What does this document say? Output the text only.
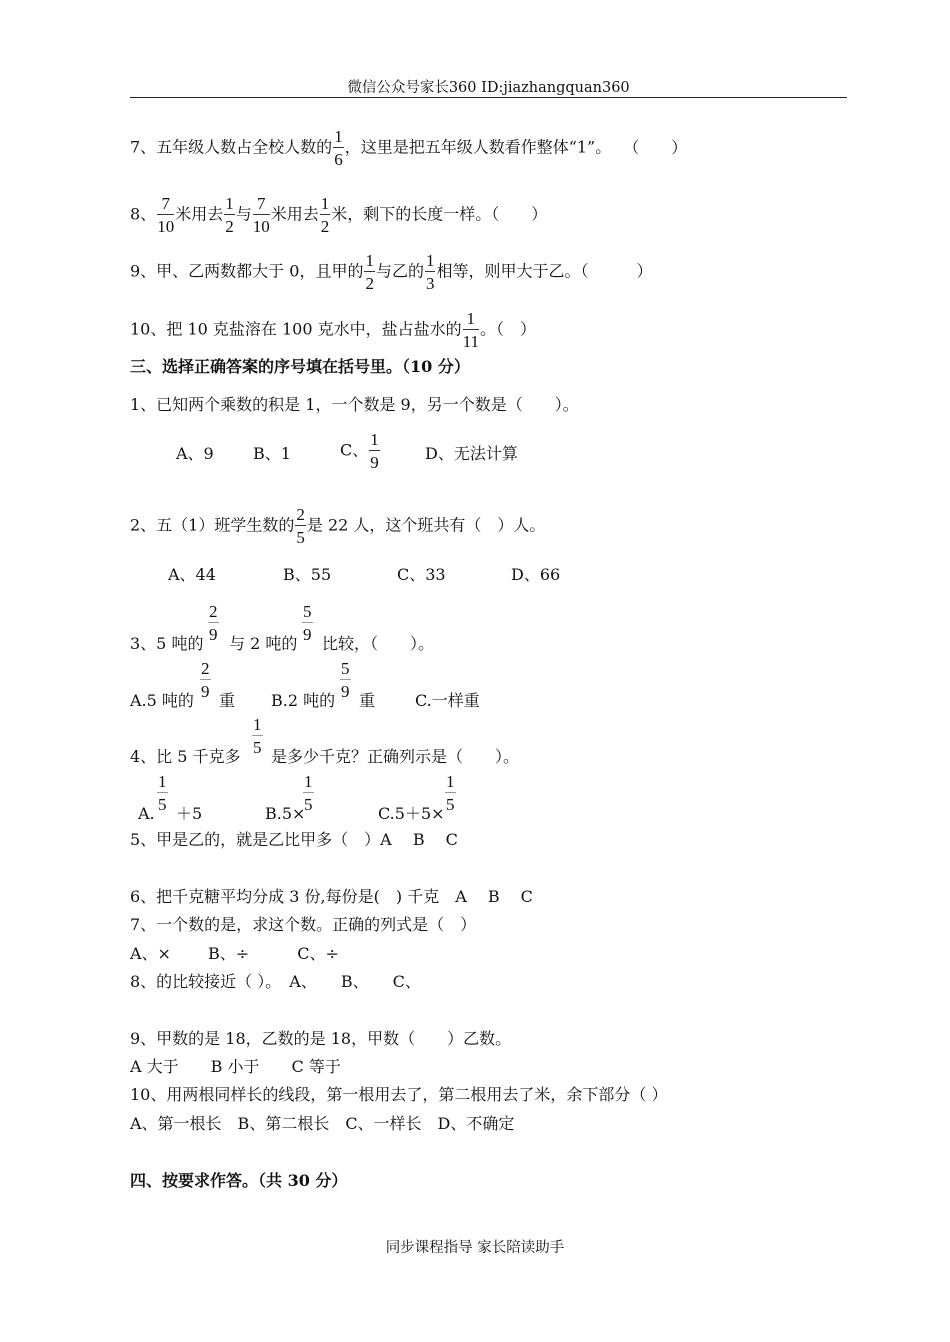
微信公众号家长360 ID:jiazhangquan360
7、五年级人数占全校人数的 $\frac{1}{6}$ ，这里是把五年级人数看作整体“1”。 （　　）
8、 $\frac{7}{10}$ 米用去 $\frac{1}{2}$ 与 $\frac{7}{10}$ 米用去 $\frac{1}{2}$ 米，剩下的长度一样。（　　）
9、甲、乙两数都大于 0，且甲的 $\frac{1}{2}$ 与乙的 $\frac{1}{3}$ 相等，则甲大于乙。（　　　）
10、把 10 克盐溶在 100 克水中，盐占盐水的 $\frac{1}{11}$ 。（　）
三、选择正确答案的序号填在括号里。（10 分）
1、已知两个乘数的积是 1，一个数是 9，另一个数是（　　）。
A、9 B、1	C、 $\frac{1}{9}$	D、无法计算
2、五（1）班学生数的 $\frac{2}{5}$ 是 22 人，这个班共有（　）人。
A、44	B、55	C、33	D、66
2
9
5
9
3、5 吨的 与 2 吨的 比较，（　　）。
2
9
5
9
A.5 吨的 重 B.2 吨的 重 C.一样重
1
5
4、比 5 千克多 是多少千克？正确列示是（　　）。
1
5
1
5
1
5
A. ＋5	B.5×	C.5＋5×
5、甲是乙的，就是乙比甲多（　）A　 B　 C
6、把千克糖平均分成 3 份,每份是(　) 千克　A　 B　 C
7、一个数的是，求这个数。正确的列式是（　）
A、×　　 B、÷　　　C、÷
8、的比较接近（ ）。　A、　　B、　　C、
9、甲数的是 18，乙数的是 18，甲数（　　）乙数。
A 大于　　B 小于　　C 等于
10、用两根同样长的线段，第一根用去了，第二根用去了米，余下部分（ ）
A、第一根长　B、第二根长　C、一样长　D、不确定
四、按要求作答。（共 30 分）
同步课程指导 家长陪读助手
